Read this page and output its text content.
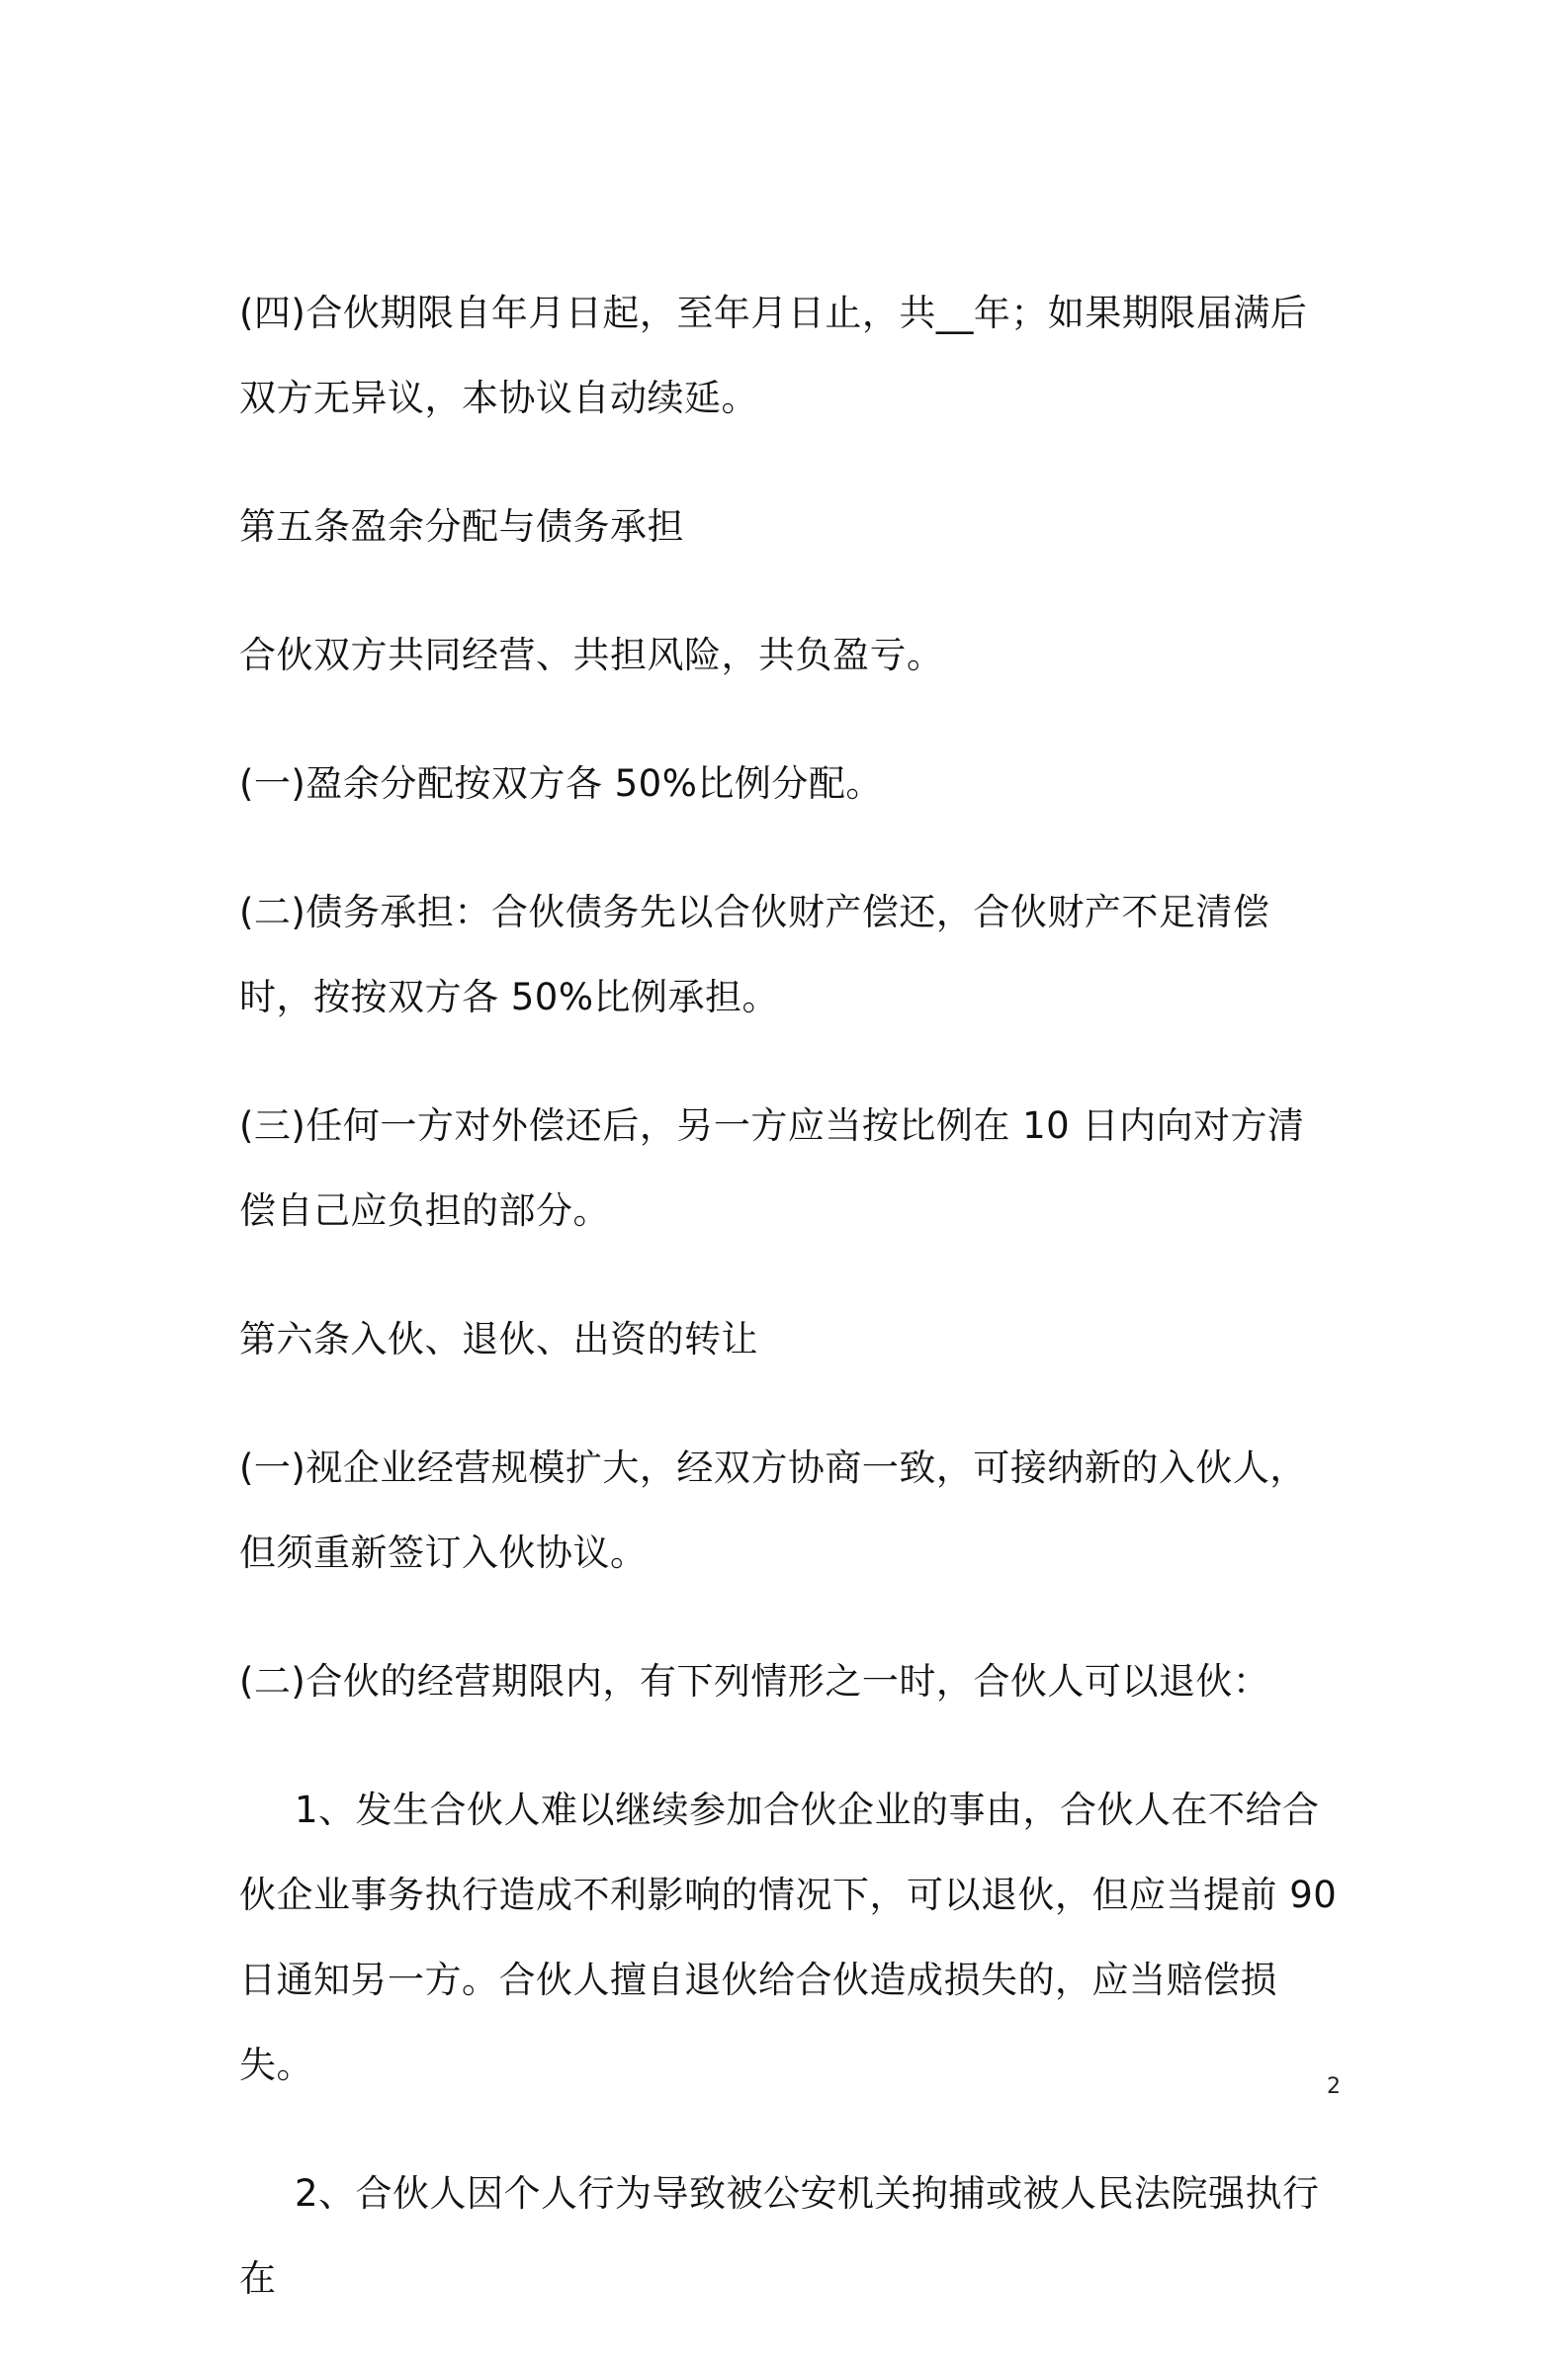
(四)合伙期限自年月日起，至年月日止，共__年；如果期限届满后双方无异议，本协议自动续延。

第五条盈余分配与债务承担

合伙双方共同经营、共担风险，共负盈亏。

(一)盈余分配按双方各 50%比例分配。

(二)债务承担：合伙债务先以合伙财产偿还，合伙财产不足清偿时，按按双方各 50%比例承担。

(三)任何一方对外偿还后，另一方应当按比例在 10 日内向对方清偿自己应负担的部分。

第六条入伙、退伙、出资的转让

(一)视企业经营规模扩大，经双方协商一致，可接纳新的入伙人，但须重新签订入伙协议。

(二)合伙的经营期限内，有下列情形之一时，合伙人可以退伙：

1、发生合伙人难以继续参加合伙企业的事由，合伙人在不给合伙企业事务执行造成不利影响的情况下，可以退伙，但应当提前 90 日通知另一方。合伙人擅自退伙给合伙造成损失的，应当赔偿损失。

2、合伙人因个人行为导致被公安机关拘捕或被人民法院强执行在

2
